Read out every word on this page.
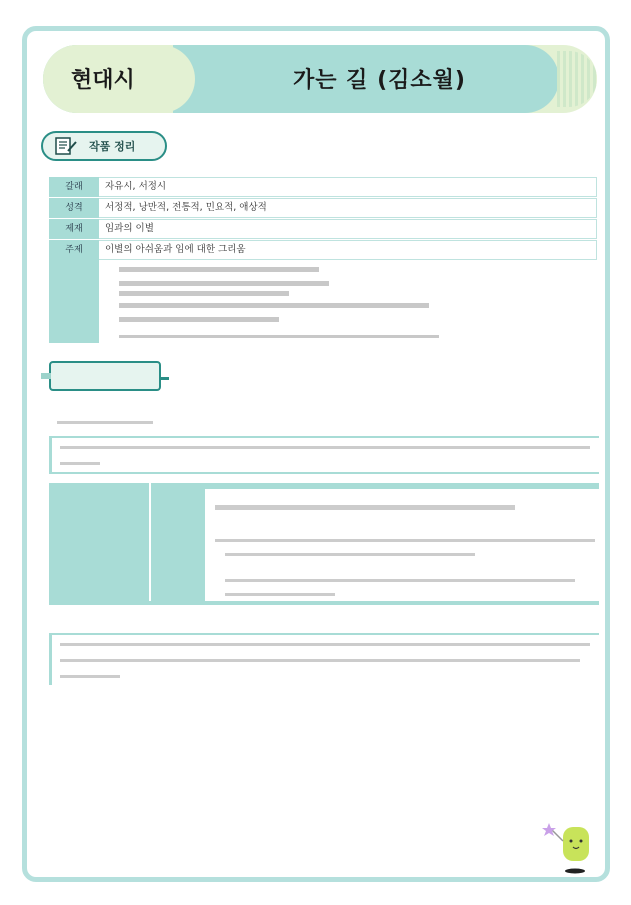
현대시	가는 길 (김소월)
작품 정리
갈래	자유시, 서정시
성격	서정적, 낭만적, 전통적, 민요적, 애상적
제재	임과의 이별
주제	이별의 아쉬움과 임에 대한 그리움
